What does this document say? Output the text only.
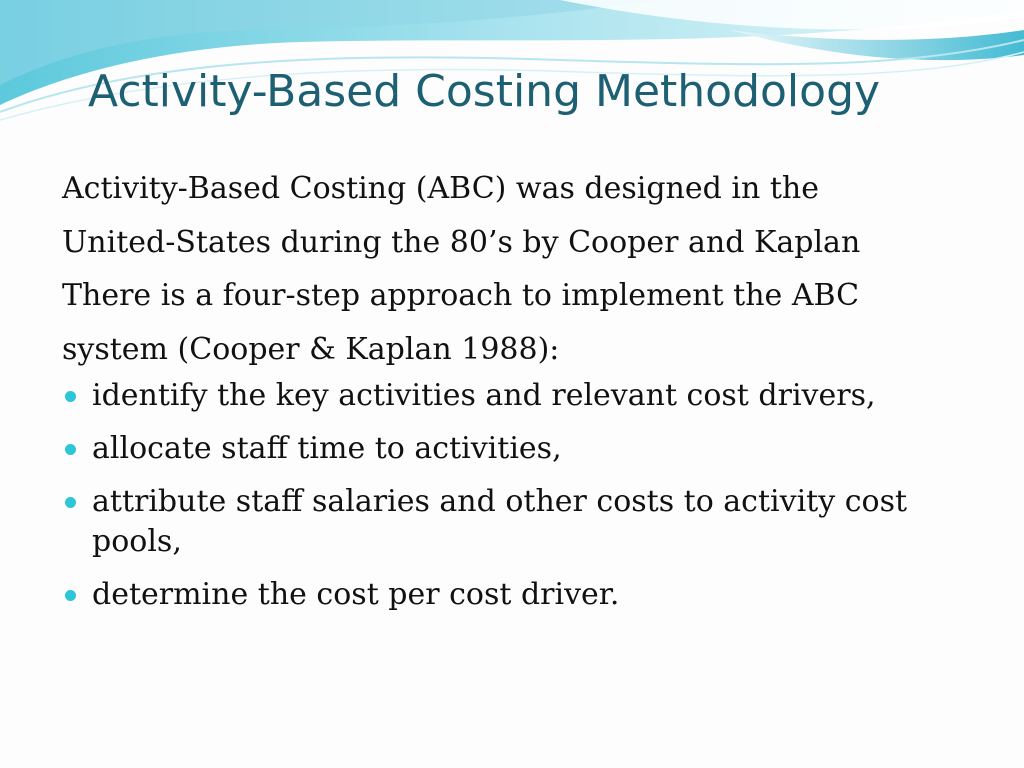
Activity-Based Costing Methodology

Activity-Based Costing (ABC) was designed in the

United-States during the 80’s by Cooper and Kaplan

There is a four-step approach to implement the ABC

system (Cooper & Kaplan 1988):

identify the key activities and relevant cost drivers,
allocate staff time to activities,
attribute staff salaries and other costs to activity cost pools,
determine the cost per cost driver.
